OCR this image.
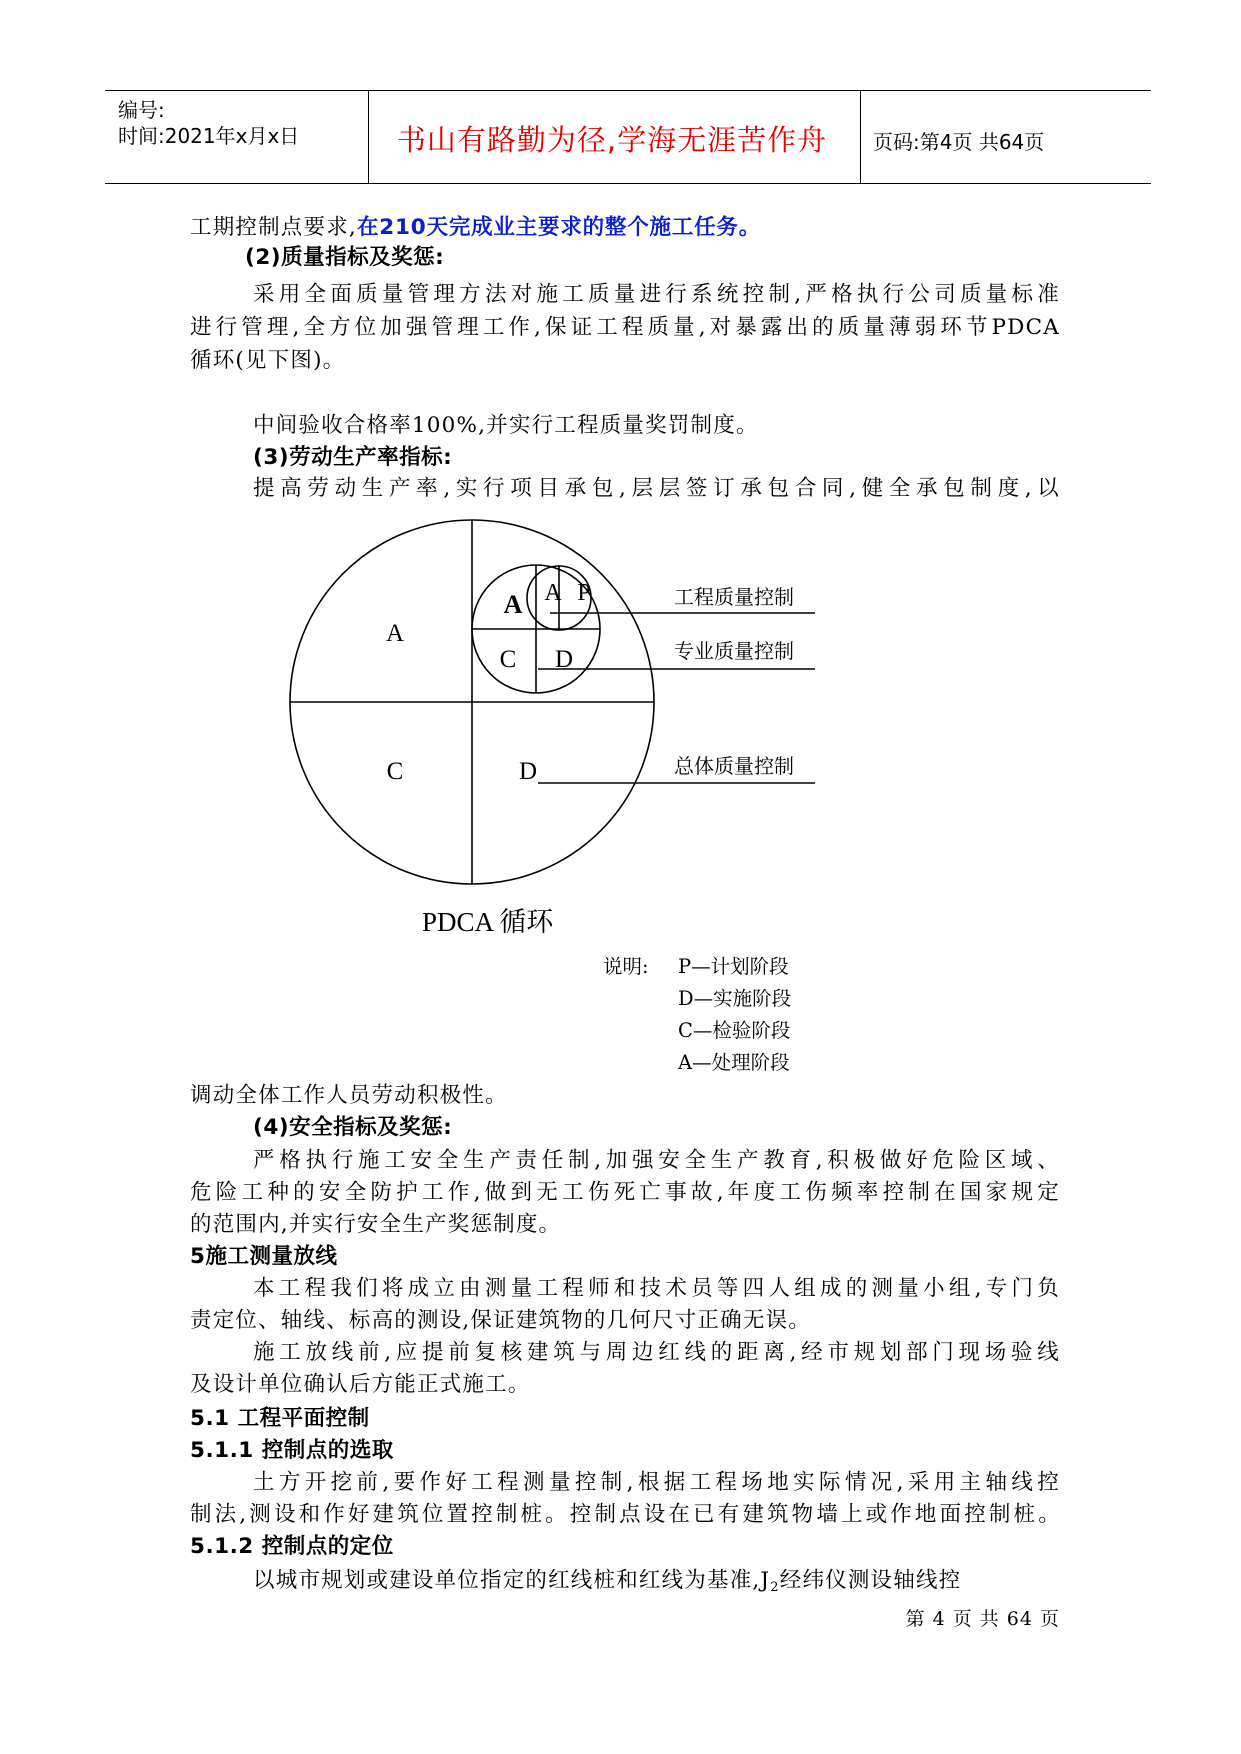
编号:
时间:2021年x月x日	书山有路勤为径,学海无涯苦作舟	页码:第4页 共64页
工期控制点要求,在210天完成业主要求的整个施工任务。
(2)质量指标及奖惩:
采用全面质量管理方法对施工质量进行系统控制,严格执行公司质量标准
进行管理,全方位加强管理工作,保证工程质量,对暴露出的质量薄弱环节PDCA
循环(见下图)。
中间验收合格率100%,并实行工程质量奖罚制度。
(3)劳动生产率指标:
提高劳动生产率,实行项目承包,层层签订承包合同,健全承包制度,以
A
C	D
A
C D
A P	工程质量控制
专业质量控制
总体质量控制
PDCA 循环
说明: P—计划阶段
D—实施阶段
C—检验阶段
A—处理阶段
调动全体工作人员劳动积极性。
(4)安全指标及奖惩:
严格执行施工安全生产责任制,加强安全生产教育,积极做好危险区域、
危险工种的安全防护工作,做到无工伤死亡事故,年度工伤频率控制在国家规定
的范围内,并实行安全生产奖惩制度。
5施工测量放线
本工程我们将成立由测量工程师和技术员等四人组成的测量小组,专门负
责定位、轴线、标高的测设,保证建筑物的几何尺寸正确无误。
施工放线前,应提前复核建筑与周边红线的距离,经市规划部门现场验线
及设计单位确认后方能正式施工。
5.1 工程平面控制
5.1.1 控制点的选取
土方开挖前,要作好工程测量控制,根据工程场地实际情况,采用主轴线控
制法,测设和作好建筑位置控制桩。控制点设在已有建筑物墙上或作地面控制桩。
5.1.2 控制点的定位
以城市规划或建设单位指定的红线桩和红线为基准$,J_2$经纬仪测设轴线控
第 4 页 共 64 页
